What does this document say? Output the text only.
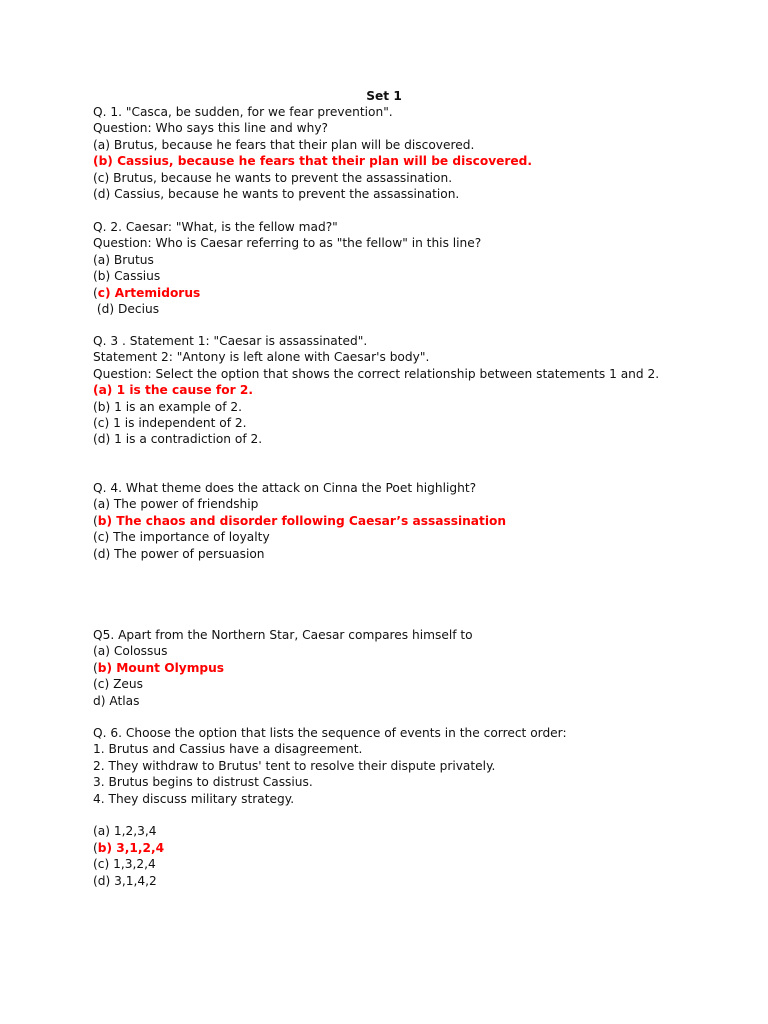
Set 1
Q. 1. "Casca, be sudden, for we fear prevention".
Question: Who says this line and why?
(a) Brutus, because he fears that their plan will be discovered.
(b) Cassius, because he fears that their plan will be discovered.
(c) Brutus, because he wants to prevent the assassination.
(d) Cassius, because he wants to prevent the assassination.
Q. 2. Caesar: "What, is the fellow mad?"
Question: Who is Caesar referring to as "the fellow" in this line?
(a) Brutus
(b) Cassius
(c) Artemidorus
(d) Decius
Q. 3 . Statement 1: "Caesar is assassinated".
Statement 2: "Antony is left alone with Caesar's body".
Question: Select the option that shows the correct relationship between statements 1 and 2.
(a) 1 is the cause for 2.
(b) 1 is an example of 2.
(c) 1 is independent of 2.
(d) 1 is a contradiction of 2.
Q. 4. What theme does the attack on Cinna the Poet highlight?
(a) The power of friendship
(b) The chaos and disorder following Caesar’s assassination
(c) The importance of loyalty
(d) The power of persuasion
Q5. Apart from the Northern Star, Caesar compares himself to
(a) Colossus
(b) Mount Olympus
(c) Zeus
d) Atlas
Q. 6. Choose the option that lists the sequence of events in the correct order:
1. Brutus and Cassius have a disagreement.
2. They withdraw to Brutus' tent to resolve their dispute privately.
3. Brutus begins to distrust Cassius.
4. They discuss military strategy.
(a) 1,2,3,4
(b) 3,1,2,4
(c) 1,3,2,4
(d) 3,1,4,2
